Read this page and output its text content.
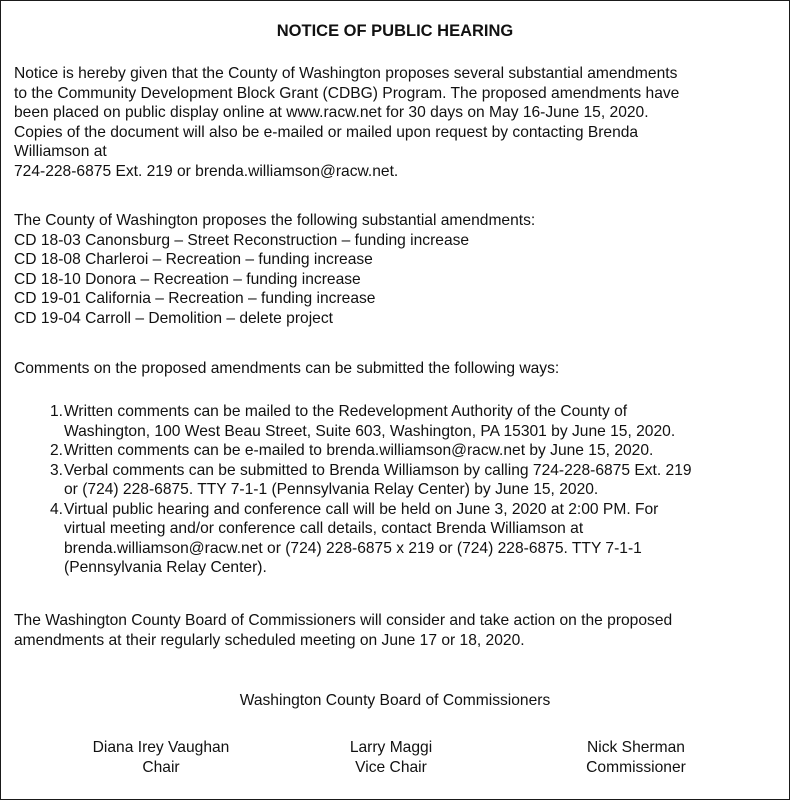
NOTICE OF PUBLIC HEARING

Notice is hereby given that the County of Washington proposes several substantial amendments
to the Community Development Block Grant (CDBG) Program. The proposed amendments have
been placed on public display online at www.racw.net for 30 days on May 16-June 15, 2020.
Copies of the document will also be e-mailed or mailed upon request by contacting Brenda
Williamson at
724-228-6875 Ext. 219 or brenda.williamson@racw.net.

The County of Washington proposes the following substantial amendments:
CD 18-03 Canonsburg – Street Reconstruction – funding increase
CD 18-08 Charleroi – Recreation – funding increase
CD 18-10 Donora – Recreation – funding increase
CD 19-01 California – Recreation – funding increase
CD 19-04 Carroll – Demolition – delete project

Comments on the proposed amendments can be submitted the following ways:

1. Written comments can be mailed to the Redevelopment Authority of the County of
Washington, 100 West Beau Street, Suite 603, Washington, PA 15301 by June 15, 2020.
2. Written comments can be e-mailed to brenda.williamson@racw.net by June 15, 2020.
3. Verbal comments can be submitted to Brenda Williamson by calling 724-228-6875 Ext. 219
or (724) 228-6875. TTY 7-1-1 (Pennsylvania Relay Center) by June 15, 2020.
4. Virtual public hearing and conference call will be held on June 3, 2020 at 2:00 PM. For
virtual meeting and/or conference call details, contact Brenda Williamson at
brenda.williamson@racw.net or (724) 228-6875 x 219 or (724) 228-6875. TTY 7-1-1
(Pennsylvania Relay Center).

The Washington County Board of Commissioners will consider and take action on the proposed
amendments at their regularly scheduled meeting on June 17 or 18, 2020.

Washington County Board of Commissioners
Diana Irey Vaughan
Chair
Larry Maggi
Vice Chair
Nick Sherman
Commissioner
